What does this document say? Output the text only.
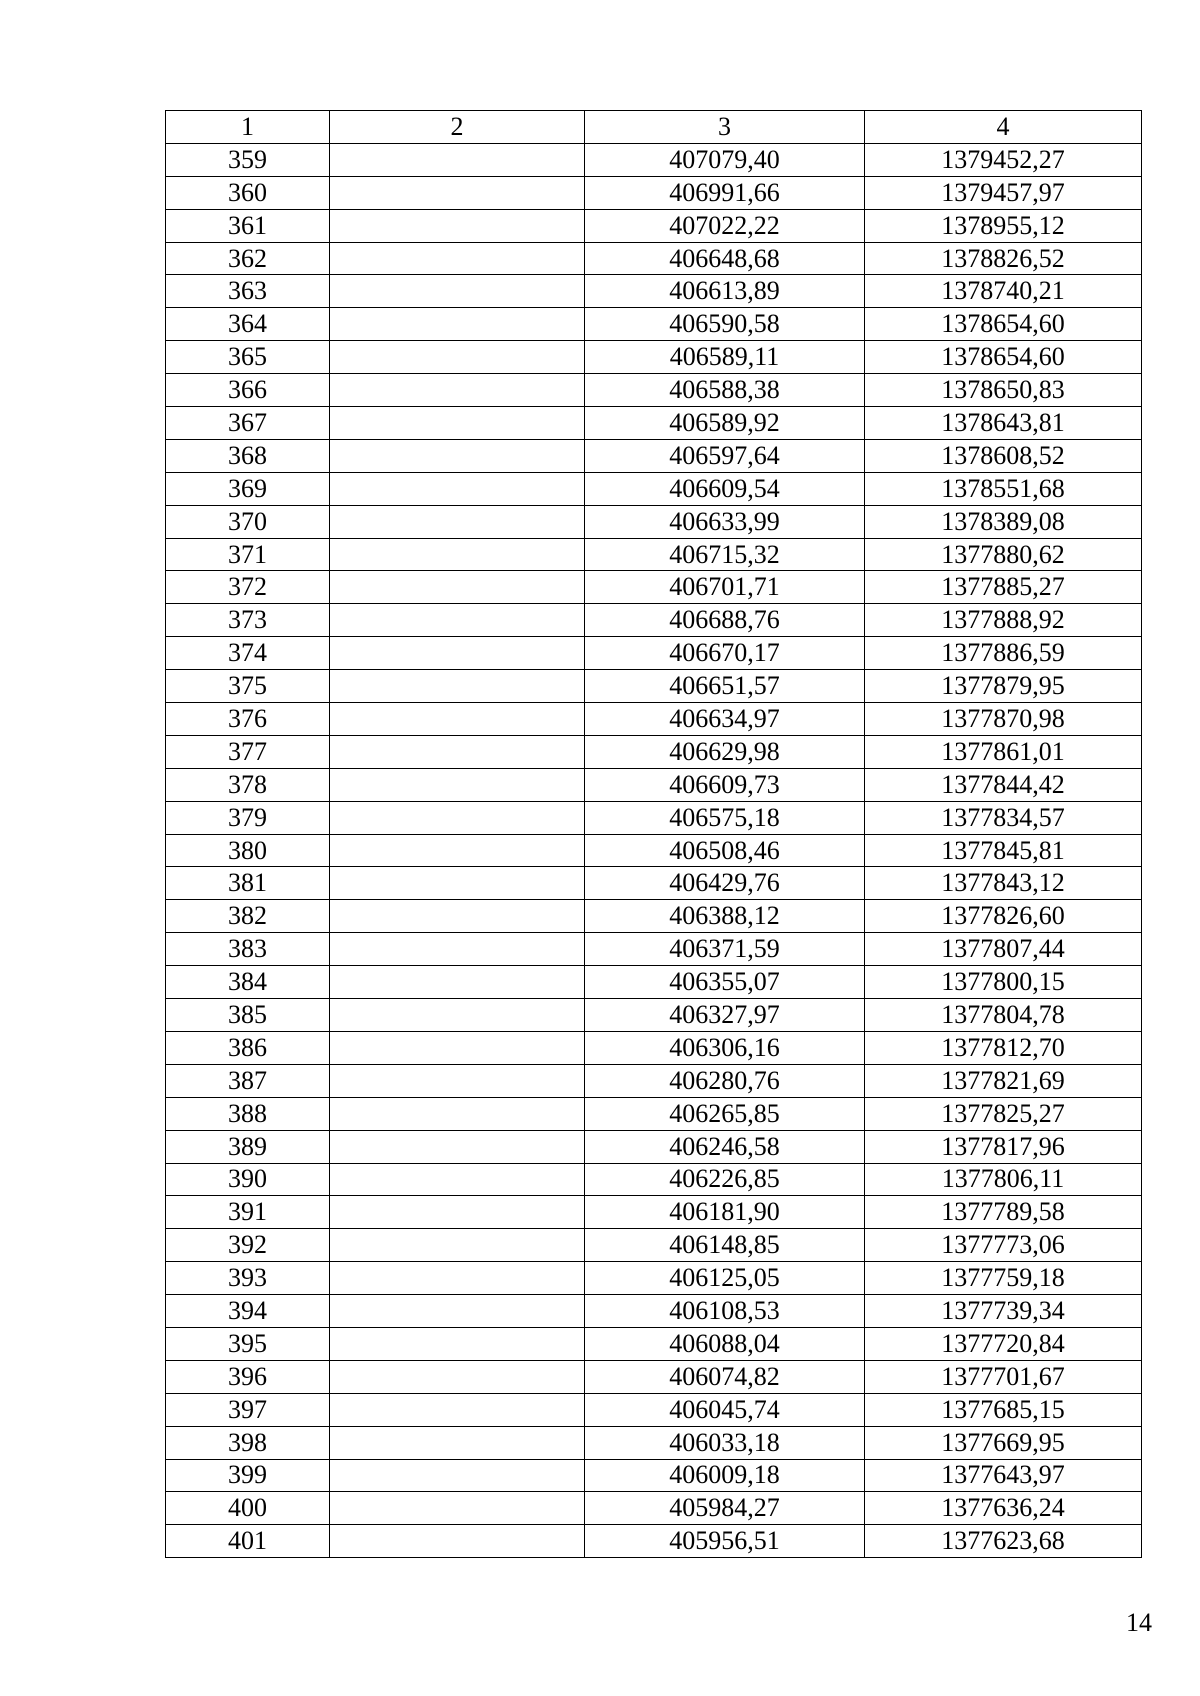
1	2	3	4
359		407079,40	1379452,27
360		406991,66	1379457,97
361		407022,22	1378955,12
362		406648,68	1378826,52
363		406613,89	1378740,21
364		406590,58	1378654,60
365		406589,11	1378654,60
366		406588,38	1378650,83
367		406589,92	1378643,81
368		406597,64	1378608,52
369		406609,54	1378551,68
370		406633,99	1378389,08
371		406715,32	1377880,62
372		406701,71	1377885,27
373		406688,76	1377888,92
374		406670,17	1377886,59
375		406651,57	1377879,95
376		406634,97	1377870,98
377		406629,98	1377861,01
378		406609,73	1377844,42
379		406575,18	1377834,57
380		406508,46	1377845,81
381		406429,76	1377843,12
382		406388,12	1377826,60
383		406371,59	1377807,44
384		406355,07	1377800,15
385		406327,97	1377804,78
386		406306,16	1377812,70
387		406280,76	1377821,69
388		406265,85	1377825,27
389		406246,58	1377817,96
390		406226,85	1377806,11
391		406181,90	1377789,58
392		406148,85	1377773,06
393		406125,05	1377759,18
394		406108,53	1377739,34
395		406088,04	1377720,84
396		406074,82	1377701,67
397		406045,74	1377685,15
398		406033,18	1377669,95
399		406009,18	1377643,97
400		405984,27	1377636,24
401		405956,51	1377623,68
14
